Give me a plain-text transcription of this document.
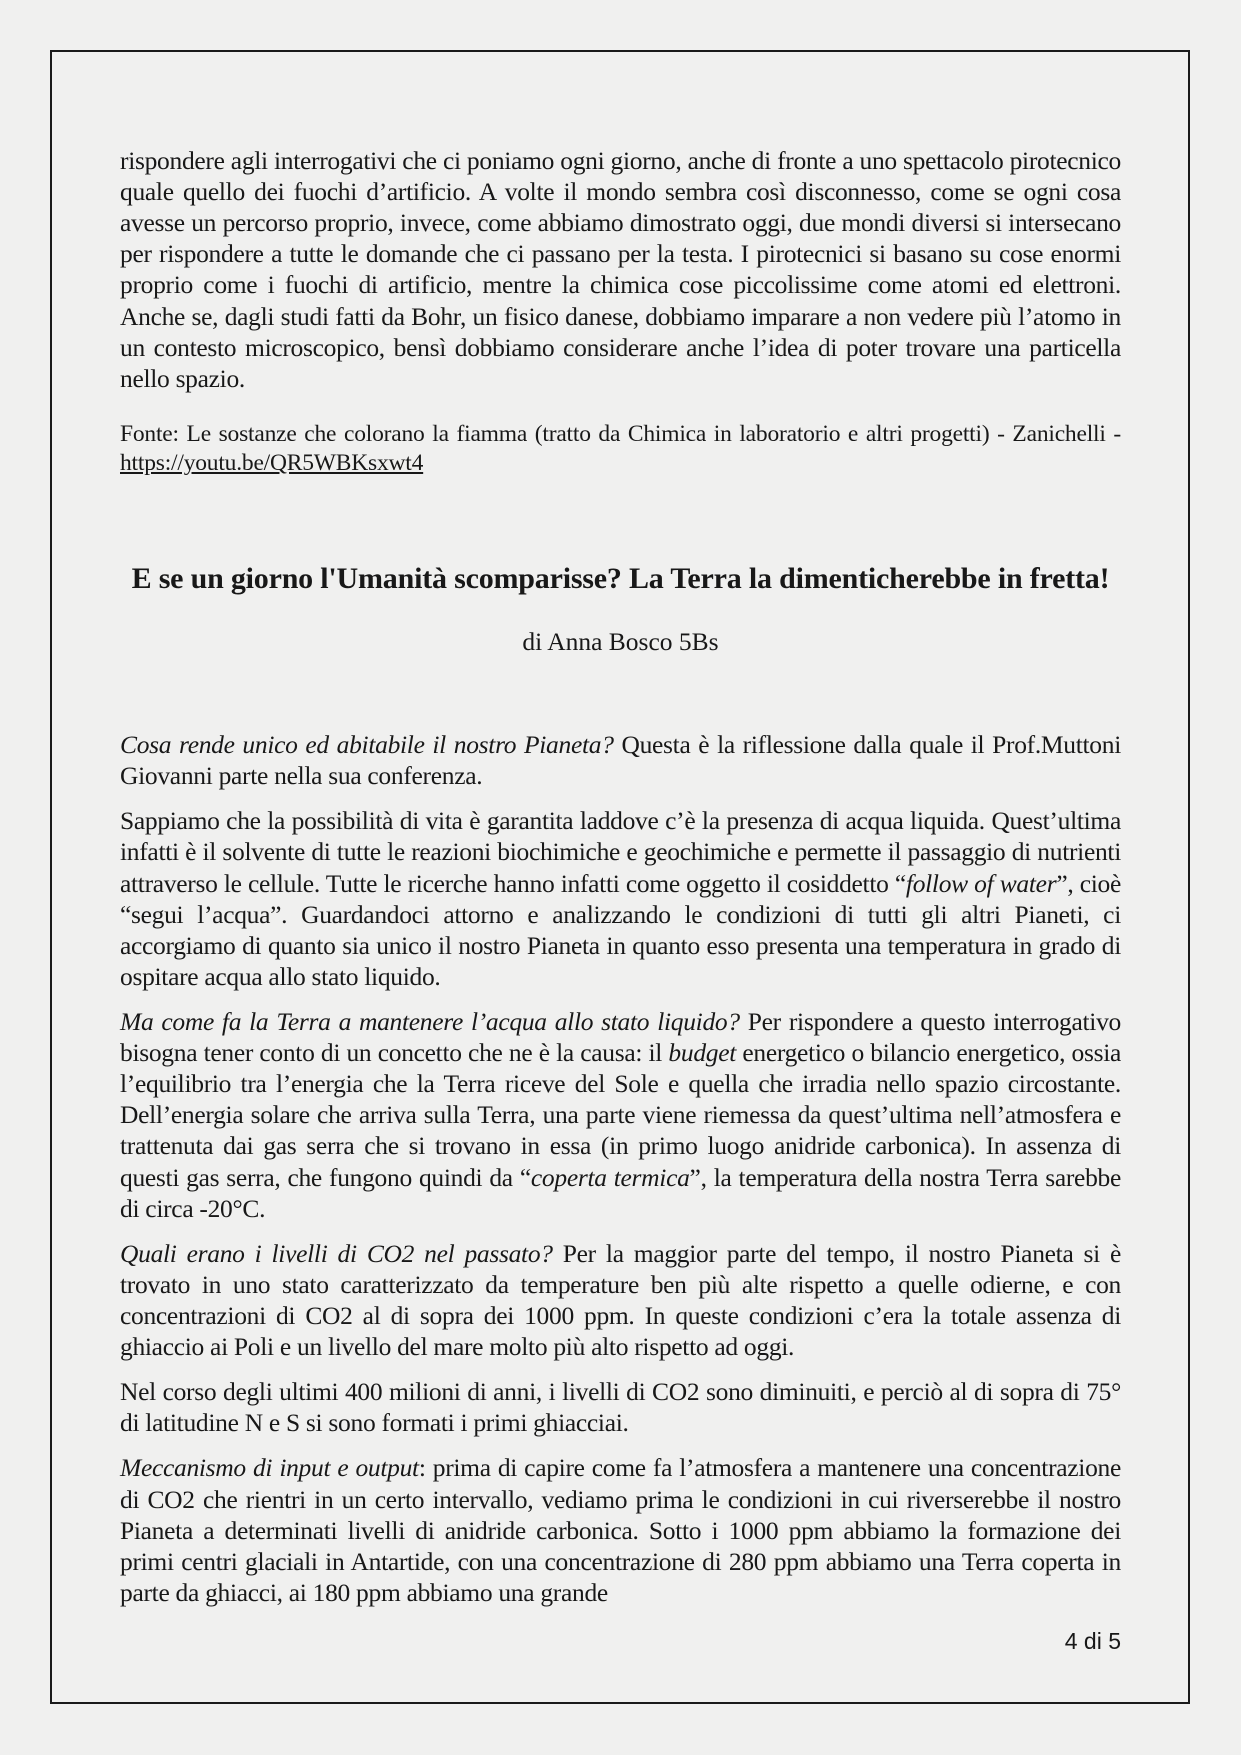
rispondere agli interrogativi che ci poniamo ogni giorno, anche di fronte a uno spettacolo pirotecnico quale quello dei fuochi d’artificio. A volte il mondo sembra così disconnesso, come se ogni cosa avesse un percorso proprio, invece, come abbiamo dimostrato oggi, due mondi diversi si intersecano per rispondere a tutte le domande che ci passano per la testa. I pirotecnici si basano su cose enormi proprio come i fuochi di artificio, mentre la chimica cose piccolissime come atomi ed elettroni. Anche se, dagli studi fatti da Bohr, un fisico danese, dobbiamo imparare a non vedere più l’atomo in un contesto microscopico, bensì dobbiamo considerare anche l’idea di poter trovare una particella nello spazio.

Fonte: Le sostanze che colorano la fiamma (tratto da Chimica in laboratorio e altri progetti) - Zanichelli - https://youtu.be/QR5WBKsxwt4

E se un giorno l'Umanità scomparisse? La Terra la dimenticherebbe in fretta!

di Anna Bosco 5Bs

Cosa rende unico ed abitabile il nostro Pianeta? Questa è la riflessione dalla quale il Prof.Muttoni Giovanni parte nella sua conferenza.

Sappiamo che la possibilità di vita è garantita laddove c’è la presenza di acqua liquida. Quest’ultima infatti è il solvente di tutte le reazioni biochimiche e geochimiche e permette il passaggio di nutrienti attraverso le cellule. Tutte le ricerche hanno infatti come oggetto il cosiddetto “follow of water”, cioè “segui l’acqua”. Guardandoci attorno e analizzando le condizioni di tutti gli altri Pianeti, ci accorgiamo di quanto sia unico il nostro Pianeta in quanto esso presenta una temperatura in grado di ospitare acqua allo stato liquido.

Ma come fa la Terra a mantenere l’acqua allo stato liquido? Per rispondere a questo interrogativo bisogna tener conto di un concetto che ne è la causa: il budget energetico o bilancio energetico, ossia l’equilibrio tra l’energia che la Terra riceve del Sole e quella che irradia nello spazio circostante. Dell’energia solare che arriva sulla Terra, una parte viene riemessa da quest’ultima nell’atmosfera e trattenuta dai gas serra che si trovano in essa (in primo luogo anidride carbonica). In assenza di questi gas serra, che fungono quindi da “coperta termica”, la temperatura della nostra Terra sarebbe di circa -20°C.

Quali erano i livelli di CO2 nel passato? Per la maggior parte del tempo, il nostro Pianeta si è trovato in uno stato caratterizzato da temperature ben più alte rispetto a quelle odierne, e con concentrazioni di CO2 al di sopra dei 1000 ppm. In queste condizioni c’era la totale assenza di ghiaccio ai Poli e un livello del mare molto più alto rispetto ad oggi.

Nel corso degli ultimi 400 milioni di anni, i livelli di CO2 sono diminuiti, e perciò al di sopra di 75° di latitudine N e S si sono formati i primi ghiacciai.

Meccanismo di input e output: prima di capire come fa l’atmosfera a mantenere una concentrazione di CO2 che rientri in un certo intervallo, vediamo prima le condizioni in cui riverserebbe il nostro Pianeta a determinati livelli di anidride carbonica. Sotto i 1000 ppm abbiamo la formazione dei primi centri glaciali in Antartide, con una concentrazione di 280 ppm abbiamo una Terra coperta in parte da ghiacci, ai 180 ppm abbiamo una grande

4 di 5
